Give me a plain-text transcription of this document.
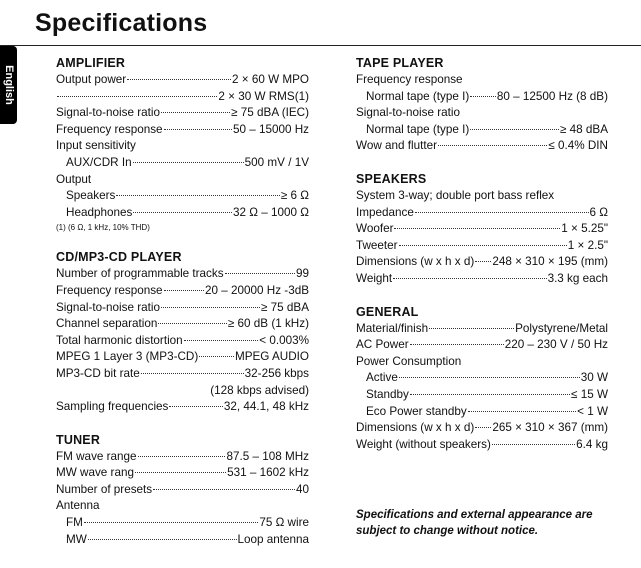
Specifications
English
AMPLIFIER
Output power	2 × 60 W MPO
2 × 30 W RMS(1)
Signal-to-noise ratio	≥ 75 dBA (IEC)
Frequency response	50 – 15000 Hz
Input sensitivity
AUX/CDR In	500 mV / 1V
Output
Speakers	≥ 6 Ω
Headphones	32 Ω – 1000 Ω
(1) (6 Ω, 1 kHz, 10% THD)
CD/MP3-CD PLAYER
Number of programmable tracks	99
Frequency response	20 – 20000 Hz -3dB
Signal-to-noise ratio	≥ 75 dBA
Channel separation	≥ 60 dB (1 kHz)
Total harmonic distortion	< 0.003%
MPEG 1 Layer 3 (MP3-CD)	MPEG AUDIO
MP3-CD bit rate	32-256 kbps
(128 kbps advised)
Sampling frequencies	32, 44.1, 48 kHz
TUNER
FM wave range	87.5 – 108 MHz
MW wave rang	531 – 1602 kHz
Number of presets	40
Antenna
FM	75 Ω wire
MW	Loop antenna
TAPE PLAYER
Frequency response
Normal tape (type I) 80 – 12500 Hz (8 dB)
Signal-to-noise ratio
Normal tape (type I)	≥ 48 dBA
Wow and flutter	≤ 0.4% DIN
SPEAKERS
System 3-way; double port bass reflex
Impedance	6 Ω
Woofer	1 × 5.25"
Tweeter	1 × 2.5"
Dimensions (w x h x d) 248 × 310 × 195 (mm)
Weight	3.3 kg each
GENERAL
Material/finish	Polystyrene/Metal
AC Power	220 – 230 V / 50 Hz
Power Consumption
Active	30 W
Standby	≤ 15 W
Eco Power standby	< 1 W
Dimensions (w x h x d) 265 × 310 × 367 (mm)
Weight (without speakers)	6.4 kg

Specifications and external appearance are subject to change without notice.
